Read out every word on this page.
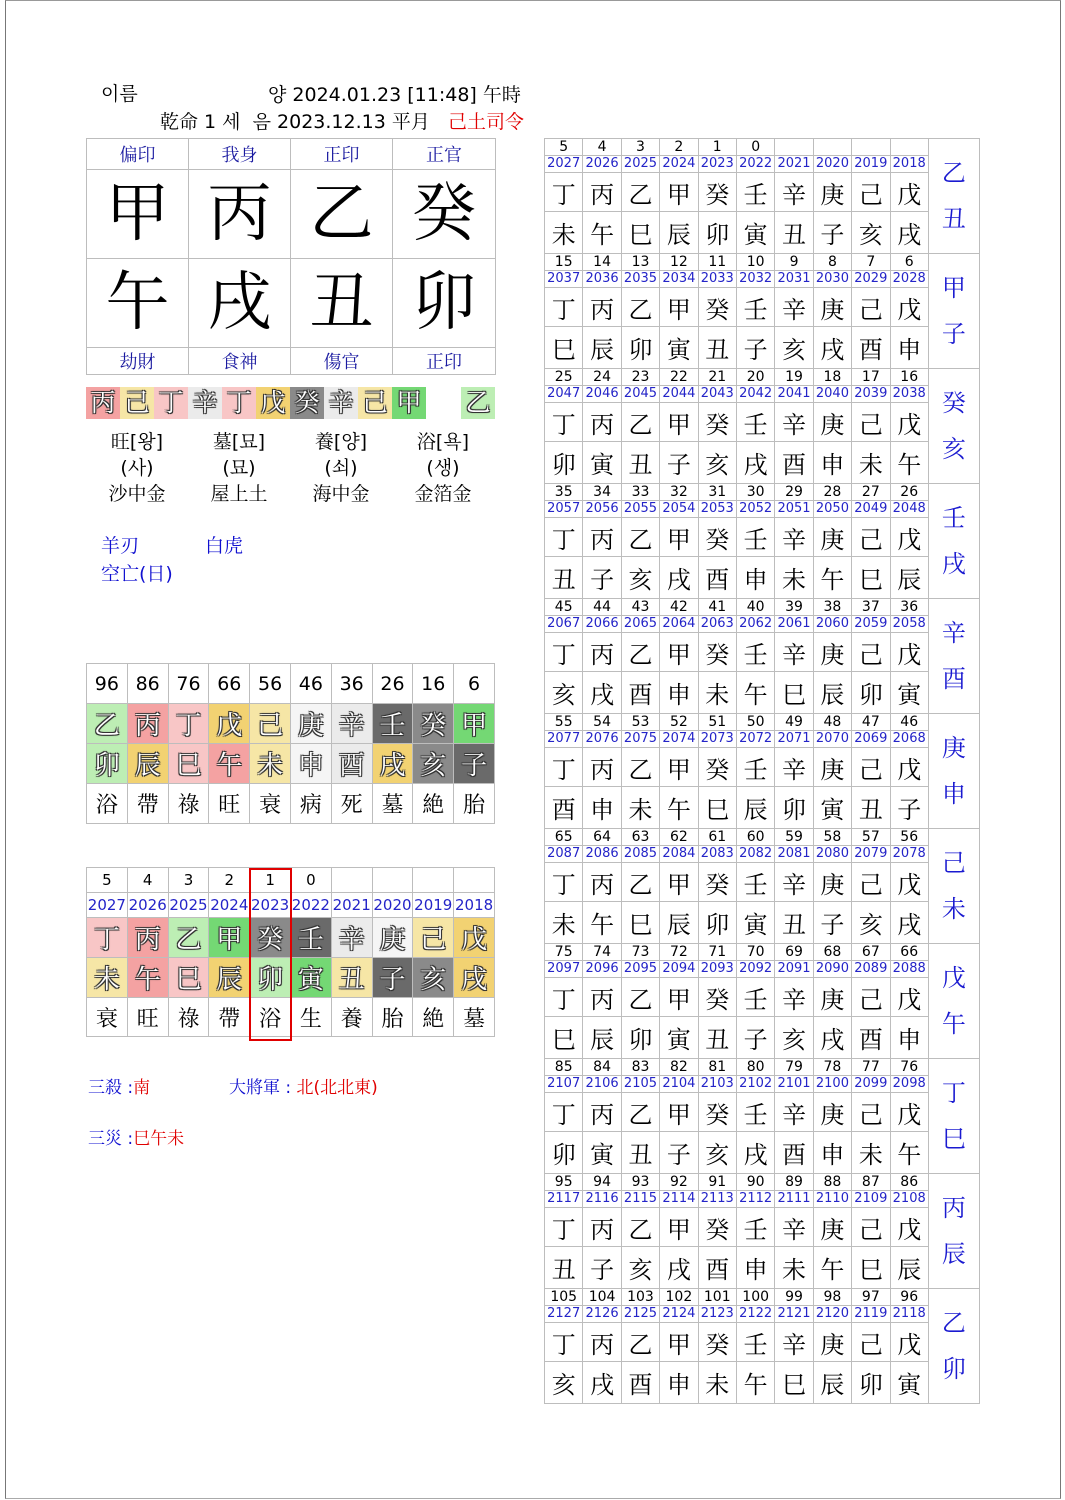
이름	양 2024.01.23 [11:48] 午時
乾命 1 세 음 2023.12.13 平月 己土司令
偏印	我身	正印	正官
甲	丙	乙	癸
午	戌	丑	卯
劫財	食神	傷官	正印
丙 己 丁 辛 丁 戊 癸 辛 己 甲 乙
旺[왕]	墓[묘]	養[양]	浴[욕]
(사)	(묘)	(쇠)	(생)
沙中金	屋上土	海中金	金箔金
羊刃	白虎
空亡(日)
96	86	76	66	56	46	36	26	16	6
乙	丙	丁	戊	己	庚	辛	壬	癸	甲
卯	辰	巳	午	未	申	酉	戌	亥	子
浴	帶	祿	旺	衰	病	死	墓	絶	胎
5	4	3	2	1	0				
2027	2026	2025	2024	2023	2022	2021	2020	2019	2018
丁	丙	乙	甲	癸	壬	辛	庚	己	戊
未	午	巳	辰	卯	寅	丑	子	亥	戌
衰	旺	祿	帶	浴	生	養	胎	絶	墓
三殺 :南	大將軍 : 北(北北東)
三災 :巳午未
5	4	3	2	1	0					乙
丑

2027	2026	2025	2024	2023	2022	2021	2020	2019	2018	
丁	丙	乙	甲	癸	壬	辛	庚	己	戊	
未	午	巳	辰	卯	寅	丑	子	亥	戌	
15	14	13	12	11	10	9	8	7	6	甲
子

2037	2036	2035	2034	2033	2032	2031	2030	2029	2028	
丁	丙	乙	甲	癸	壬	辛	庚	己	戊	
巳	辰	卯	寅	丑	子	亥	戌	酉	申	
25	24	23	22	21	20	19	18	17	16	癸
亥

2047	2046	2045	2044	2043	2042	2041	2040	2039	2038	
丁	丙	乙	甲	癸	壬	辛	庚	己	戊	
卯	寅	丑	子	亥	戌	酉	申	未	午	
35	34	33	32	31	30	29	28	27	26	壬
戌

2057	2056	2055	2054	2053	2052	2051	2050	2049	2048	
丁	丙	乙	甲	癸	壬	辛	庚	己	戊	
丑	子	亥	戌	酉	申	未	午	巳	辰	
45	44	43	42	41	40	39	38	37	36	辛
酉

2067	2066	2065	2064	2063	2062	2061	2060	2059	2058	
丁	丙	乙	甲	癸	壬	辛	庚	己	戊	
亥	戌	酉	申	未	午	巳	辰	卯	寅	
55	54	53	52	51	50	49	48	47	46	庚
申

2077	2076	2075	2074	2073	2072	2071	2070	2069	2068	
丁	丙	乙	甲	癸	壬	辛	庚	己	戊	
酉	申	未	午	巳	辰	卯	寅	丑	子	
65	64	63	62	61	60	59	58	57	56	己
未

2087	2086	2085	2084	2083	2082	2081	2080	2079	2078	
丁	丙	乙	甲	癸	壬	辛	庚	己	戊	
未	午	巳	辰	卯	寅	丑	子	亥	戌	
75	74	73	72	71	70	69	68	67	66	戊
午

2097	2096	2095	2094	2093	2092	2091	2090	2089	2088	
丁	丙	乙	甲	癸	壬	辛	庚	己	戊	
巳	辰	卯	寅	丑	子	亥	戌	酉	申	
85	84	83	82	81	80	79	78	77	76	丁
巳

2107	2106	2105	2104	2103	2102	2101	2100	2099	2098	
丁	丙	乙	甲	癸	壬	辛	庚	己	戊	
卯	寅	丑	子	亥	戌	酉	申	未	午	
95	94	93	92	91	90	89	88	87	86	丙
辰

2117	2116	2115	2114	2113	2112	2111	2110	2109	2108	
丁	丙	乙	甲	癸	壬	辛	庚	己	戊	
丑	子	亥	戌	酉	申	未	午	巳	辰	
105	104	103	102	101	100	99	98	97	96	乙
卯

2127	2126	2125	2124	2123	2122	2121	2120	2119	2118	
丁	丙	乙	甲	癸	壬	辛	庚	己	戊	
亥	戌	酉	申	未	午	巳	辰	卯	寅	
